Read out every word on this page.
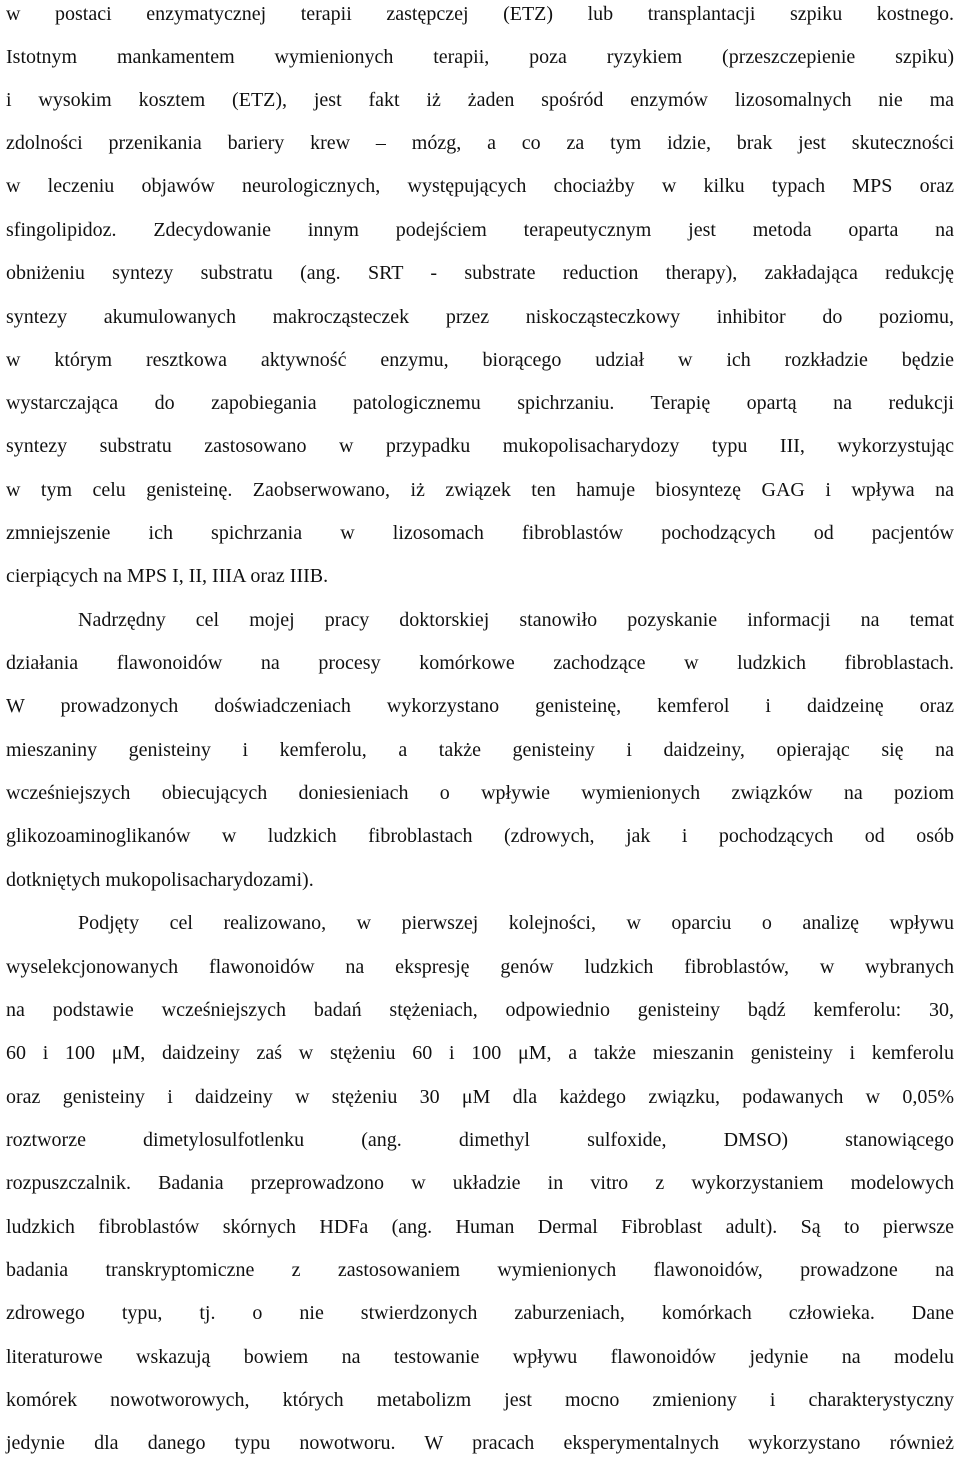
w postaci enzymatycznej terapii zastępczej (ETZ) lub transplantacji szpiku kostnego.
Istotnym mankamentem wymienionych terapii, poza ryzykiem (przeszczepienie szpiku)
i wysokim kosztem (ETZ), jest fakt iż żaden spośród enzymów lizosomalnych nie ma
zdolności przenikania bariery krew – mózg, a co za tym idzie, brak jest skuteczności
w leczeniu objawów neurologicznych, występujących chociażby w kilku typach MPS oraz
sfingolipidoz. Zdecydowanie innym podejściem terapeutycznym jest metoda oparta na
obniżeniu syntezy substratu (ang. SRT - substrate reduction therapy), zakładająca redukcję
syntezy akumulowanych makrocząsteczek przez niskocząsteczkowy inhibitor do poziomu,
w którym resztkowa aktywność enzymu, biorącego udział w ich rozkładzie będzie
wystarczająca do zapobiegania patologicznemu spichrzaniu. Terapię opartą na redukcji
syntezy substratu zastosowano w przypadku mukopolisacharydozy typu III, wykorzystując
w tym celu genisteinę. Zaobserwowano, iż związek ten hamuje biosyntezę GAG i wpływa na
zmniejszenie ich spichrzania w lizosomach fibroblastów pochodzących od pacjentów
cierpiących na MPS I, II, IIIA oraz IIIB.
Nadrzędny cel mojej pracy doktorskiej stanowiło pozyskanie informacji na temat
działania flawonoidów na procesy komórkowe zachodzące w ludzkich fibroblastach.
W prowadzonych doświadczeniach wykorzystano genisteinę, kemferol i daidzeinę oraz
mieszaniny genisteiny i kemferolu, a także genisteiny i daidzeiny, opierając się na
wcześniejszych obiecujących doniesieniach o wpływie wymienionych związków na poziom
glikozoaminoglikanów w ludzkich fibroblastach (zdrowych, jak i pochodzących od osób
dotkniętych mukopolisacharydozami).
Podjęty cel realizowano, w pierwszej kolejności, w oparciu o analizę wpływu
wyselekcjonowanych flawonoidów na ekspresję genów ludzkich fibroblastów, w wybranych
na podstawie wcześniejszych badań stężeniach, odpowiednio genisteiny bądź kemferolu: 30,
60 i 100 μM, daidzeiny zaś w stężeniu 60 i 100 μM, a także mieszanin genisteiny i kemferolu
oraz genisteiny i daidzeiny w stężeniu 30 μM dla każdego związku, podawanych w 0,05%
roztworze dimetylosulfotlenku (ang. dimethyl sulfoxide, DMSO) stanowiącego
rozpuszczalnik. Badania przeprowadzono w układzie in vitro z wykorzystaniem modelowych
ludzkich fibroblastów skórnych HDFa (ang. Human Dermal Fibroblast adult). Są to pierwsze
badania transkryptomiczne z zastosowaniem wymienionych flawonoidów, prowadzone na
zdrowego typu, tj. o nie stwierdzonych zaburzeniach, komórkach człowieka. Dane
literaturowe wskazują bowiem na testowanie wpływu flawonoidów jedynie na modelu
komórek nowotworowych, których metabolizm jest mocno zmieniony i charakterystyczny
jedynie dla danego typu nowotworu. W pracach eksperymentalnych wykorzystano również
